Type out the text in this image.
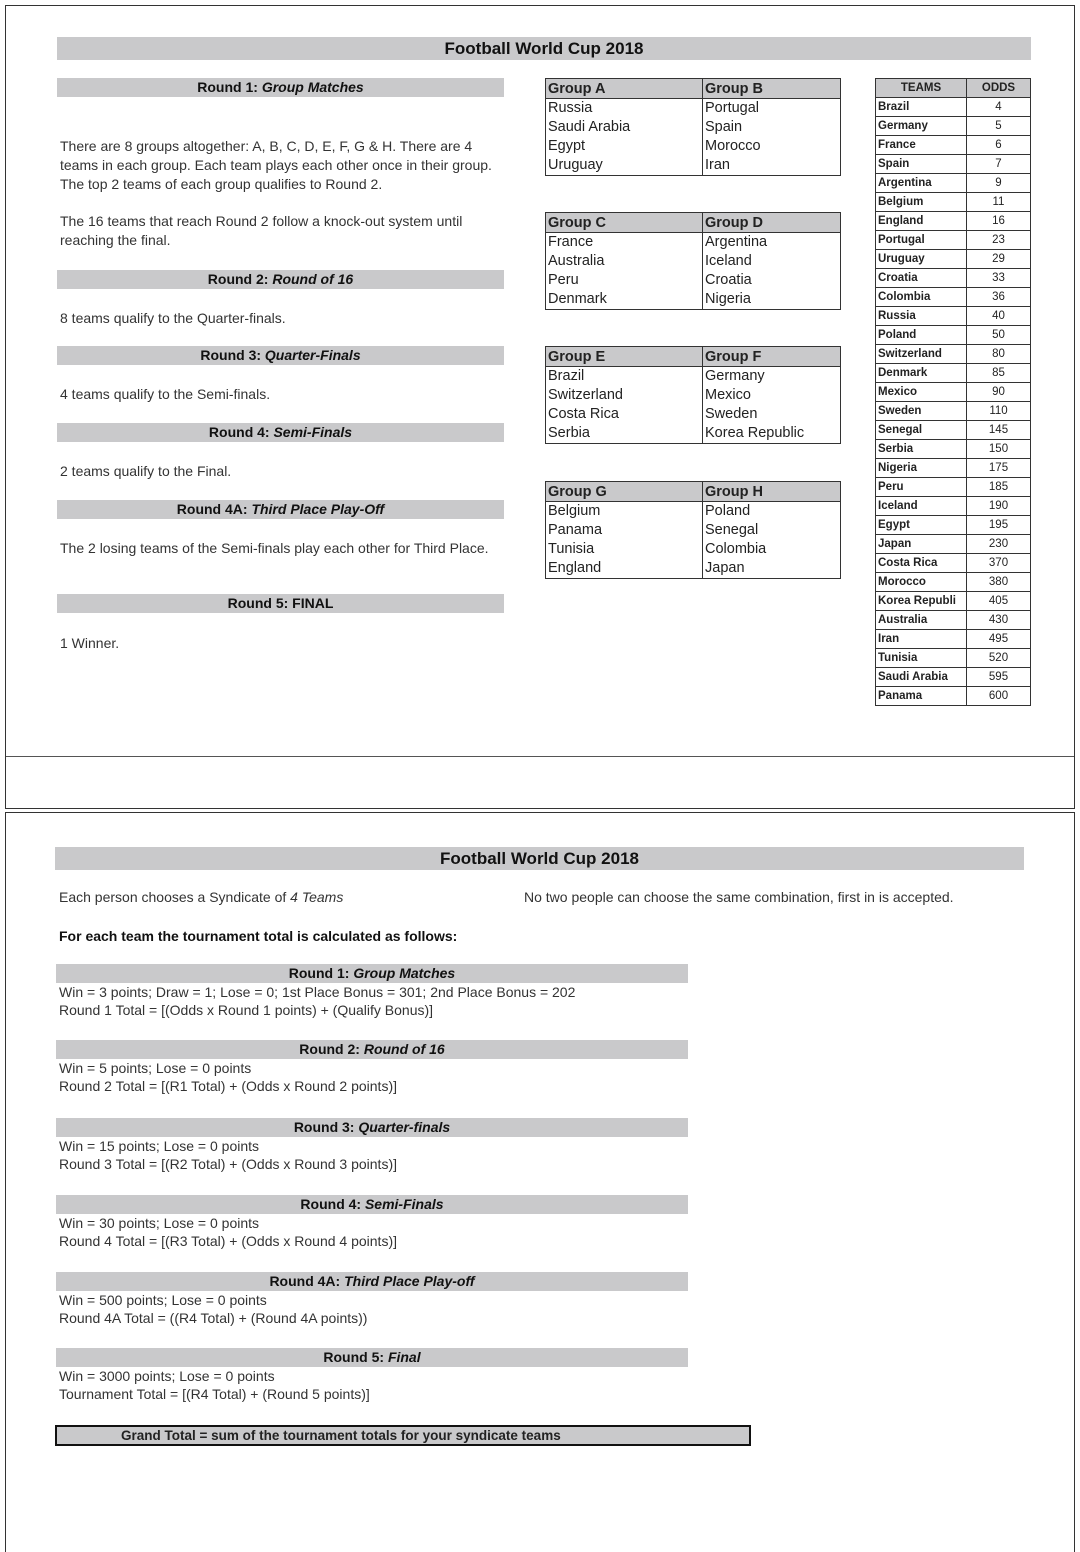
Football World Cup 2018
Round 1: Group Matches

There are 8 groups altogether: A, B, C, D, E, F, G & H. There are 4 teams in each group. Each team plays each other once in their group. The top 2 teams of each group qualifies to Round 2.

The 16 teams that reach Round 2 follow a knock-out system until reaching the final.

Round 2: Round of 16

8 teams qualify to the Quarter-finals.

Round 3: Quarter-Finals

4 teams qualify to the Semi-finals.

Round 4: Semi-Finals

2 teams qualify to the Final.

Round 4A: Third Place Play-Off

The 2 losing teams of the Semi-finals play each other for Third Place.

Round 5: FINAL

1 Winner.

Group A	Group B
Russia	Portugal
Saudi Arabia	Spain
Egypt	Morocco
Uruguay	Iran
Group C	Group D
France	Argentina
Australia	Iceland
Peru	Croatia
Denmark	Nigeria
Group E	Group F
Brazil	Germany
Switzerland	Mexico
Costa Rica	Sweden
Serbia	Korea Republic
Group G	Group H
Belgium	Poland
Panama	Senegal
Tunisia	Colombia
England	Japan
TEAMS	ODDS
Brazil	4
Germany	5
France	6
Spain	7
Argentina	9
Belgium	11
England	16
Portugal	23
Uruguay	29
Croatia	33
Colombia	36
Russia	40
Poland	50
Switzerland	80
Denmark	85
Mexico	90
Sweden	110
Senegal	145
Serbia	150
Nigeria	175
Peru	185
Iceland	190
Egypt	195
Japan	230
Costa Rica	370
Morocco	380
Korea Republi	405
Australia	430
Iran	495
Tunisia	520
Saudi Arabia	595
Panama	600
Football World Cup 2018

Each person chooses a Syndicate of 4 Teams	No two people can choose the same combination, first in is accepted.

For each team the tournament total is calculated as follows:

Round 1: Group Matches
Win = 3 points; Draw = 1; Lose = 0; 1st Place Bonus = 301; 2nd Place Bonus = 202
Round 1 Total = [(Odds x Round 1 points) + (Qualify Bonus)]
Round 2: Round of 16
Win = 5 points; Lose = 0 points
Round 2 Total = [(R1 Total) + (Odds x Round 2 points)]
Round 3: Quarter-finals
Win = 15 points; Lose = 0 points
Round 3 Total = [(R2 Total) + (Odds x Round 3 points)]
Round 4: Semi-Finals
Win = 30 points; Lose = 0 points
Round 4 Total = [(R3 Total) + (Odds x Round 4 points)]
Round 4A: Third Place Play-off
Win = 500 points; Lose = 0 points
Round 4A Total = ((R4 Total) + (Round 4A points))
Round 5: Final
Win = 3000 points; Lose = 0 points
Tournament Total = [(R4 Total) + (Round 5 points)]
Grand Total = sum of the tournament totals for your syndicate teams
